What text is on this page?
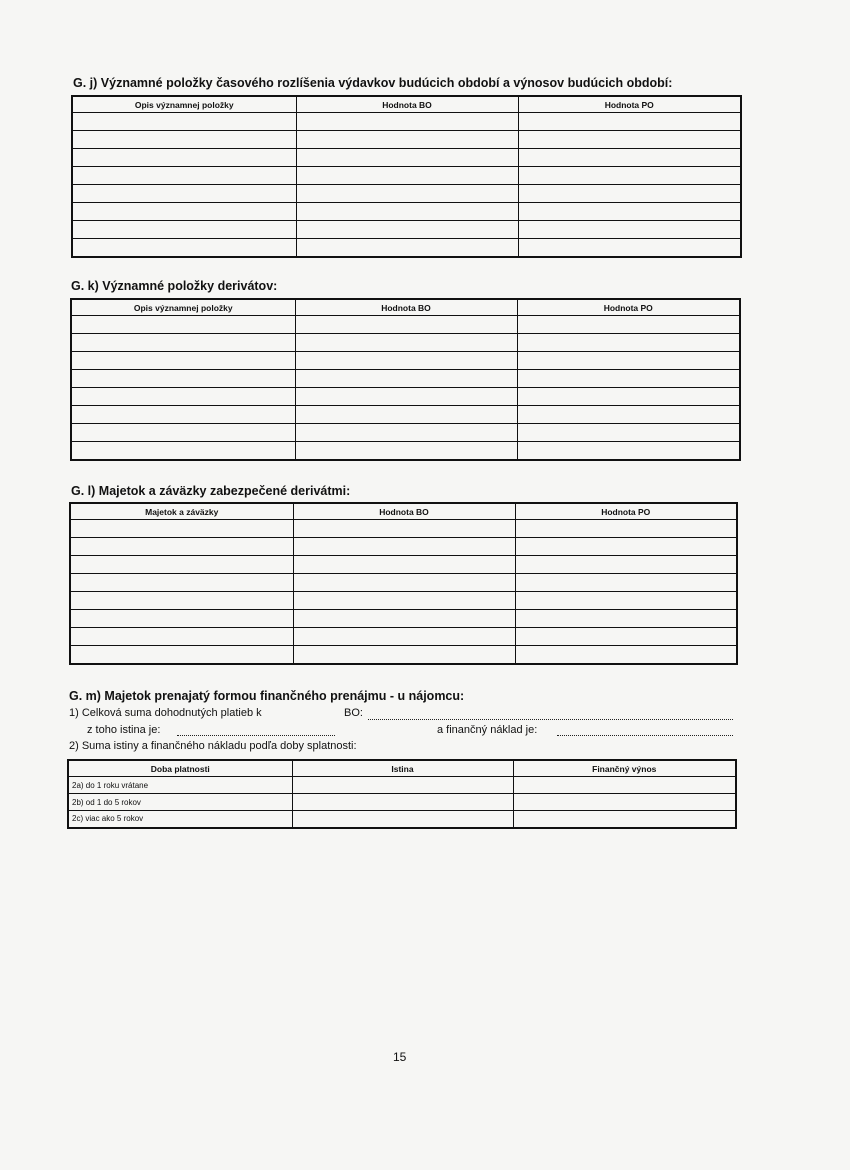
G. j) Významné položky časového rozlíšenia výdavkov budúcich období a výnosov budúcich období:
Opis významnej položky	Hodnota BO	Hodnota PO

G. k) Významné položky derivátov:
Opis významnej položky	Hodnota BO	Hodnota PO

G. l) Majetok a záväzky zabezpečené derivátmi:
Majetok a záväzky	Hodnota BO	Hodnota PO

G. m) Majetok prenajatý formou finančného prenájmu - u nájomcu:
1) Celková suma dohodnutých platieb k	BO:
z toho istina je:	a finančný náklad je:
2) Suma istiny a finančného nákladu podľa doby splatnosti:
Doba platnosti	Istina	Finančný výnos
2a) do 1 roku vrátane		
2b) od 1 do 5 rokov		
2c) viac ako 5 rokov		
15
